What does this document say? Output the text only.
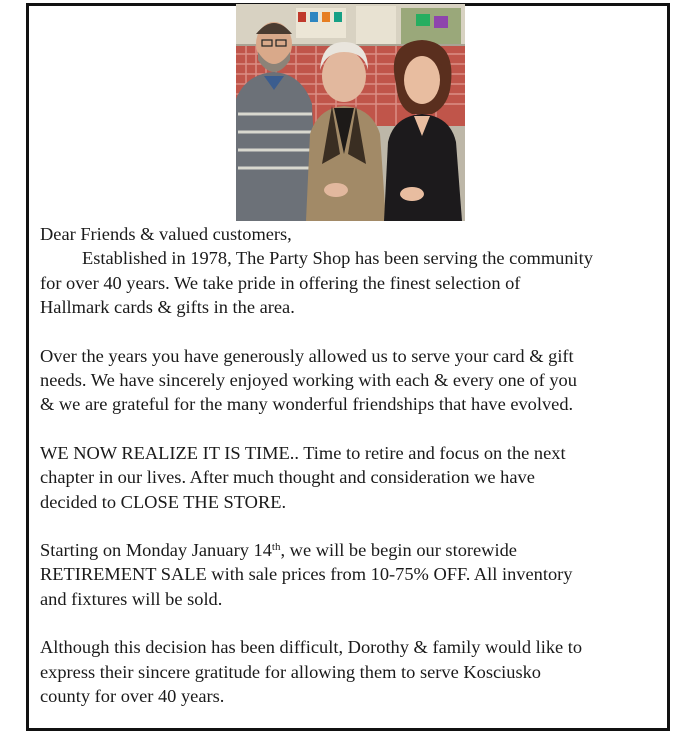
Dear Friends & valued customers,

Established in 1978, The Party Shop has been serving the community

for over 40 years. We take pride in offering the finest selection of

Hallmark cards & gifts in the area.

Over the years you have generously allowed us to serve your card & gift

needs. We have sincerely enjoyed working with each & every one of you

& we are grateful for the many wonderful friendships that have evolved.

WE NOW REALIZE IT IS TIME.. Time to retire and focus on the next

chapter in our lives. After much thought and consideration we have

decided to CLOSE THE STORE.

Starting on Monday January 14th, we will be begin our storewide

RETIREMENT SALE with sale prices from 10-75% OFF. All inventory

and fixtures will be sold.

Although this decision has been difficult, Dorothy & family would like to

express their sincere gratitude for allowing them to serve Kosciusko

county for over 40 years.
